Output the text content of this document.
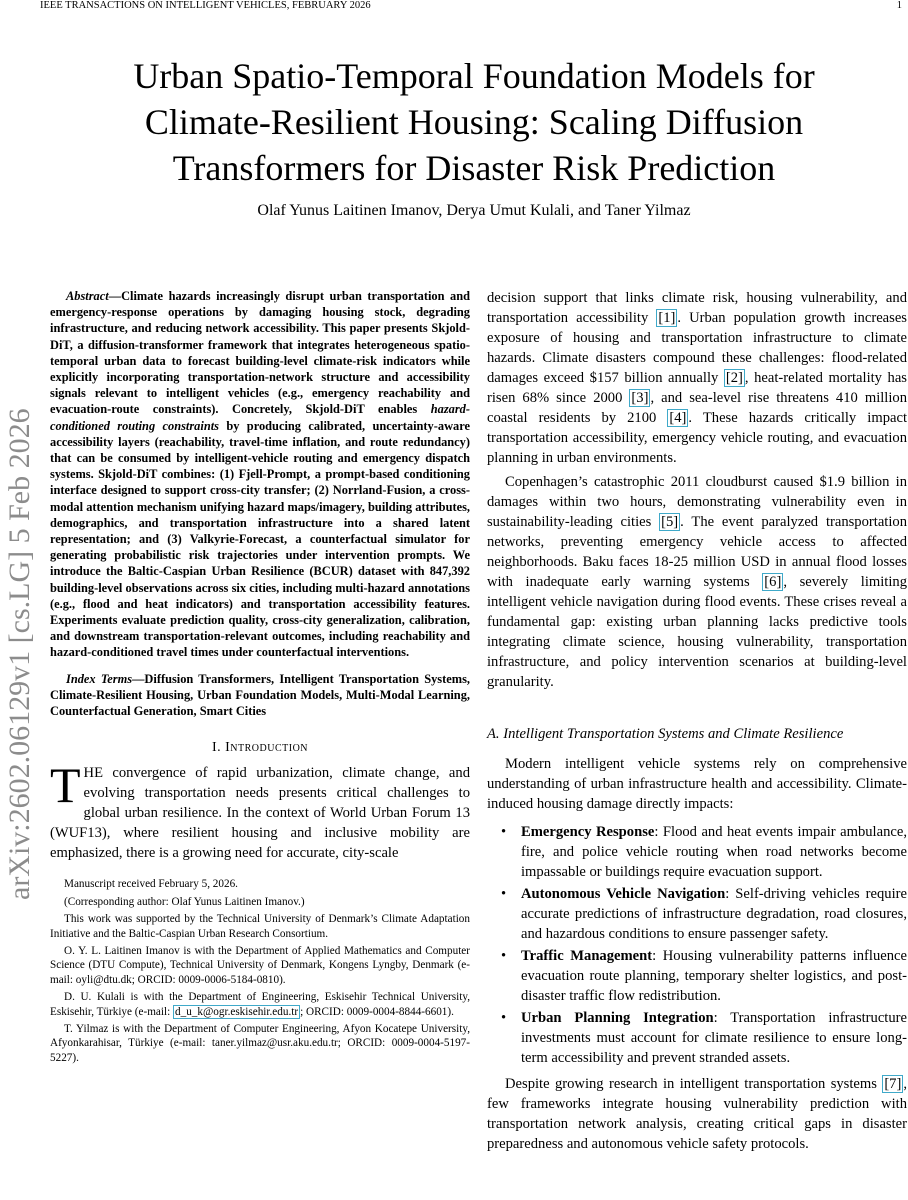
IEEE TRANSACTIONS ON INTELLIGENT VEHICLES, FEBRUARY 2026	1
arXiv:2602.06129v1 [cs.LG] 5 Feb 2026
Urban Spatio-Temporal Foundation Models for
Climate-Resilient Housing: Scaling Diffusion
Transformers for Disaster Risk Prediction
Olaf Yunus Laitinen Imanov, Derya Umut Kulali, and Taner Yilmaz

Abstract—Climate hazards increasingly disrupt urban transportation and emergency-response operations by damaging housing stock, degrading infrastructure, and reducing network accessibility. This paper presents Skjold-DiT, a diffusion-transformer framework that integrates heterogeneous spatio-temporal urban data to forecast building-level climate-risk indicators while explicitly incorporating transportation-network structure and accessibility signals relevant to intelligent vehicles (e.g., emergency reachability and evacuation-route constraints). Concretely, Skjold-DiT enables hazard-conditioned routing constraints by producing calibrated, uncertainty-aware accessibility layers (reachability, travel-time inflation, and route redundancy) that can be consumed by intelligent-vehicle routing and emergency dispatch systems. Skjold-DiT combines: (1) Fjell-Prompt, a prompt-based conditioning interface designed to support cross-city transfer; (2) Norrland-Fusion, a cross-modal attention mechanism unifying hazard maps/imagery, building attributes, demographics, and transportation infrastructure into a shared latent representation; and (3) Valkyrie-Forecast, a counterfactual simulator for generating probabilistic risk trajectories under intervention prompts. We introduce the Baltic-Caspian Urban Resilience (BCUR) dataset with 847,392 building-level observations across six cities, including multi-hazard annotations (e.g., flood and heat indicators) and transportation accessibility features. Experiments evaluate prediction quality, cross-city generalization, calibration, and downstream transportation-relevant outcomes, including reachability and hazard-conditioned travel times under counterfactual interventions.

Index Terms—Diffusion Transformers, Intelligent Transportation Systems, Climate-Resilient Housing, Urban Foundation Models, Multi-Modal Learning, Counterfactual Generation, Smart Cities

I. Introduction

THE convergence of rapid urbanization, climate change, and evolving transportation needs presents critical challenges to global urban resilience. In the context of World Urban Forum 13 (WUF13), where resilient housing and inclusive mobility are emphasized, there is a growing need for accurate, city-scale

Manuscript received February 5, 2026.

(Corresponding author: Olaf Yunus Laitinen Imanov.)

This work was supported by the Technical University of Denmark’s Climate Adaptation Initiative and the Baltic-Caspian Urban Research Consortium.

O. Y. L. Laitinen Imanov is with the Department of Applied Mathematics and Computer Science (DTU Compute), Technical University of Denmark, Kongens Lyngby, Denmark (e-mail: oyli@dtu.dk; ORCID: 0009-0006-5184-0810).

D. U. Kulali is with the Department of Engineering, Eskisehir Technical University, Eskisehir, Türkiye (e-mail: d_u_k@ogr.eskisehir.edu.tr ; ORCID: 0009-0004-8844-6601).

T. Yilmaz is with the Department of Computer Engineering, Afyon Kocatepe University, Afyonkarahisar, Türkiye (e-mail: taner.yilmaz@usr.aku.edu.tr; ORCID: 0009-0004-5197-5227).

decision support that links climate risk, housing vulnerability, and transportation accessibility [1] . Urban population growth increases exposure of housing and transportation infrastructure to climate hazards. Climate disasters compound these challenges: flood-related damages exceed $157 billion annually [2] , heat-related mortality has risen 68% since 2000 [3] , and sea-level rise threatens 410 million coastal residents by 2100 [4] . These hazards critically impact transportation accessibility, emergency vehicle routing, and evacuation planning in urban environments.

Copenhagen’s catastrophic 2011 cloudburst caused $1.9 billion in damages within two hours, demonstrating vulnerability even in sustainability-leading cities [5] . The event paralyzed transportation networks, preventing emergency vehicle access to affected neighborhoods. Baku faces 18-25 million USD in annual flood losses with inadequate early warning systems [6] , severely limiting intelligent vehicle navigation during flood events. These crises reveal a fundamental gap: existing urban planning lacks predictive tools integrating climate science, housing vulnerability, transportation infrastructure, and policy intervention scenarios at building-level granularity.

A. Intelligent Transportation Systems and Climate Resilience

Modern intelligent vehicle systems rely on comprehensive understanding of urban infrastructure health and accessibility. Climate-induced housing damage directly impacts:

• Emergency Response: Flood and heat events impair ambulance, fire, and police vehicle routing when road networks become impassable or buildings require evacuation support.
• Autonomous Vehicle Navigation: Self-driving vehicles require accurate predictions of infrastructure degradation, road closures, and hazardous conditions to ensure passenger safety.
• Traffic Management: Housing vulnerability patterns influence evacuation route planning, temporary shelter logistics, and post-disaster traffic flow redistribution.
• Urban Planning Integration: Transportation infrastructure investments must account for climate resilience to ensure long-term accessibility and prevent stranded assets.

Despite growing research in intelligent transportation systems [7] , few frameworks integrate housing vulnerability prediction with transportation network analysis, creating critical gaps in disaster preparedness and autonomous vehicle safety protocols.
